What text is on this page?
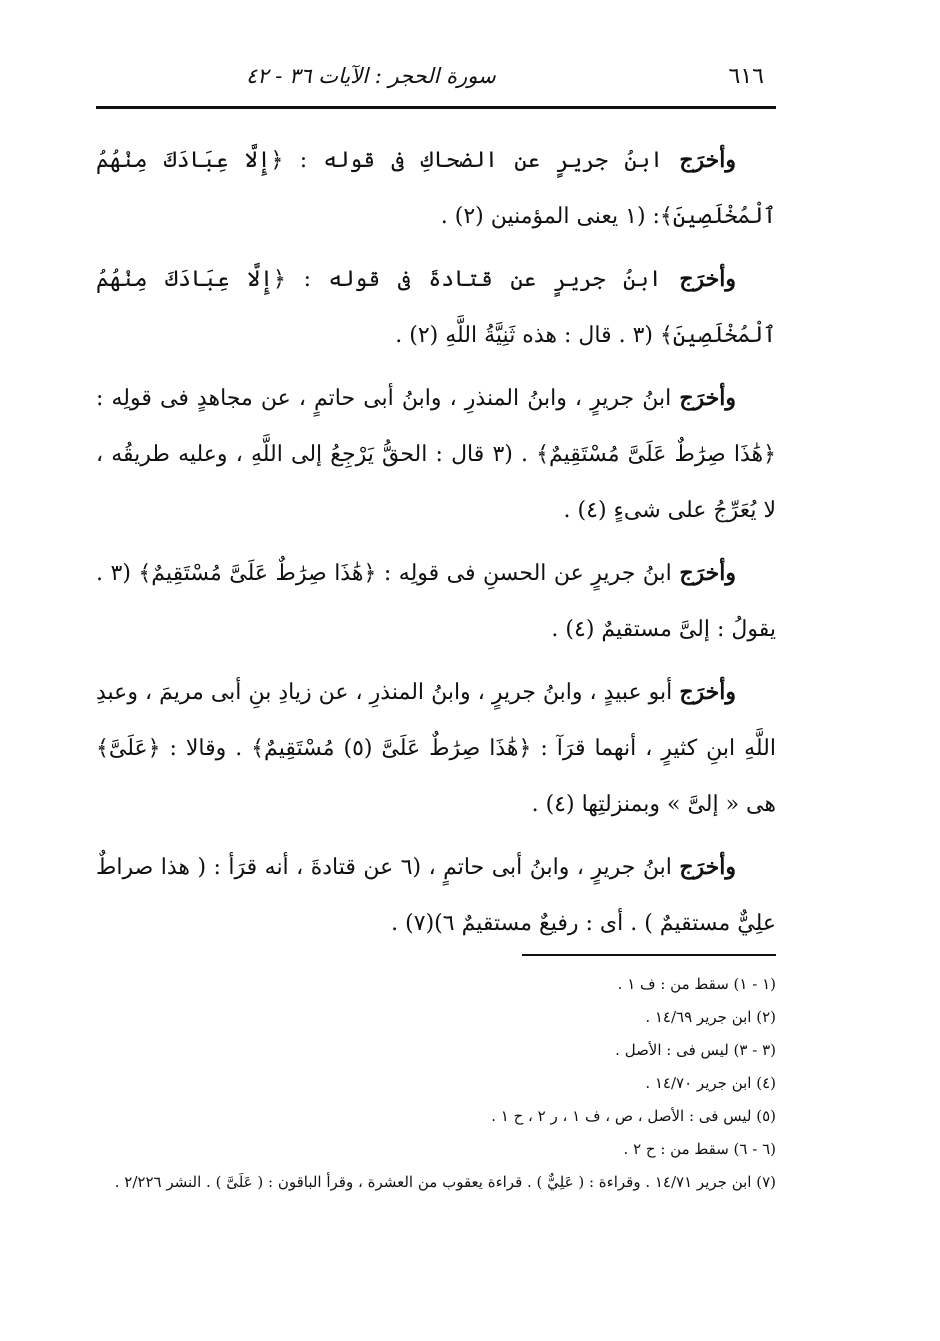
٦١٦
سورة الحجر : الآيات ٣٦ - ٤٢

وأخرَج ابنُ جريرٍ عن الضحاكِ فى قوله : ﴿إِلَّا عِبَادَكَ مِنْهُمُ ٱلْمُخْلَصِينَ﴾: (١ يعنى المؤمنين (٢) .

وأخرَج ابنُ جريرٍ عن قتادةَ فى قوله : ﴿إِلَّا عِبَادَكَ مِنْهُمُ ٱلْمُخْلَصِينَ﴾ (٣ . قال : هذه ثَنِيَّةُ اللَّهِ (٢) .

وأخرَج ابنُ جريرٍ ، وابنُ المنذرِ ، وابنُ أبى حاتمٍ ، عن مجاهدٍ فى قولِه : ﴿هَٰذَا صِرَٰطٌ عَلَىَّ مُسْتَقِيمٌ﴾ . (٣ قال : الحقُّ يَرْجِعُ إلى اللَّهِ ، وعليه طريقُه ، لا يُعَرِّجُ على شىءٍ (٤) .

وأخرَج ابنُ جريرٍ عن الحسنِ فى قولِه : ﴿هَٰذَا صِرَٰطٌ عَلَىَّ مُسْتَقِيمٌ﴾ (٣ . يقولُ : إلىَّ مستقيمٌ (٤) .

وأخرَج أبو عبيدٍ ، وابنُ جريرٍ ، وابنُ المنذرِ ، عن زيادِ بنِ أبى مريمَ ، وعبدِ اللَّهِ ابنِ كثيرٍ ، أنهما قرَآ : ﴿هَٰذَا صِرَٰطٌ عَلَىَّ (٥) مُسْتَقِيمٌ﴾ . وقالا : ﴿عَلَىَّ﴾ هى « إلىَّ » وبمنزلتِها (٤) .

وأخرَج ابنُ جريرٍ ، وابنُ أبى حاتمٍ ، (٦ عن قتادةَ ، أنه قرَأ : ( هذا صراطٌ علِيٌّ مستقيمٌ ) . أى : رفيعٌ مستقيمٌ ٦)(٧) .

(١ - ١) سقط من : ف ١ .

(٢) ابن جرير ١٤/٦٩ .

(٣ - ٣) ليس فى : الأصل .

(٤) ابن جرير ١٤/٧٠ .

(٥) ليس فى : الأصل ، ص ، ف ١ ، ر ٢ ، ح ١ .

(٦ - ٦) سقط من : ح ٢ .

(٧) ابن جرير ١٤/٧١ . وقراءة : ( عَلِيٌّ ) . قراءة يعقوب من العشرة ، وقرأ الباقون : ( عَلَىَّ ) . النشر ٢/٢٢٦ .
